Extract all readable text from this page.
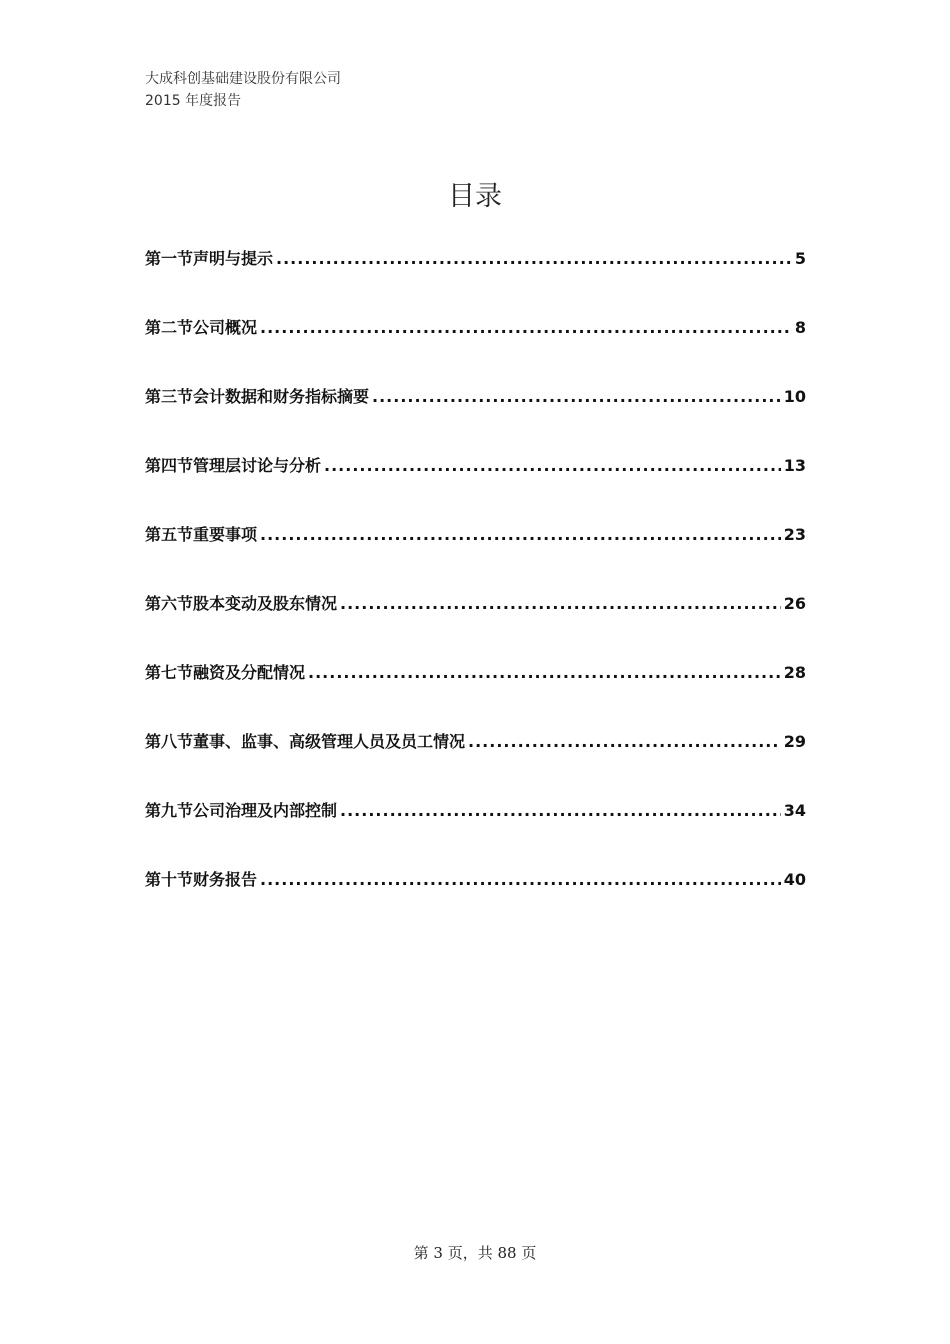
大成科创基础建设股份有限公司
2015 年度报告
目录
第一节声明与提示 .....	5
第二节公司概况 .....	8
第三节会计数据和财务指标摘要 .....	10
第四节管理层讨论与分析 .....	13
第五节重要事项 .....	23
第六节股本变动及股东情况 .....	26
第七节融资及分配情况 .....	28
第八节董事、监事、高级管理人员及员工情况 .....	29
第九节公司治理及内部控制 .....	34
第十节财务报告 .....	40
第 3 页，共 88 页
